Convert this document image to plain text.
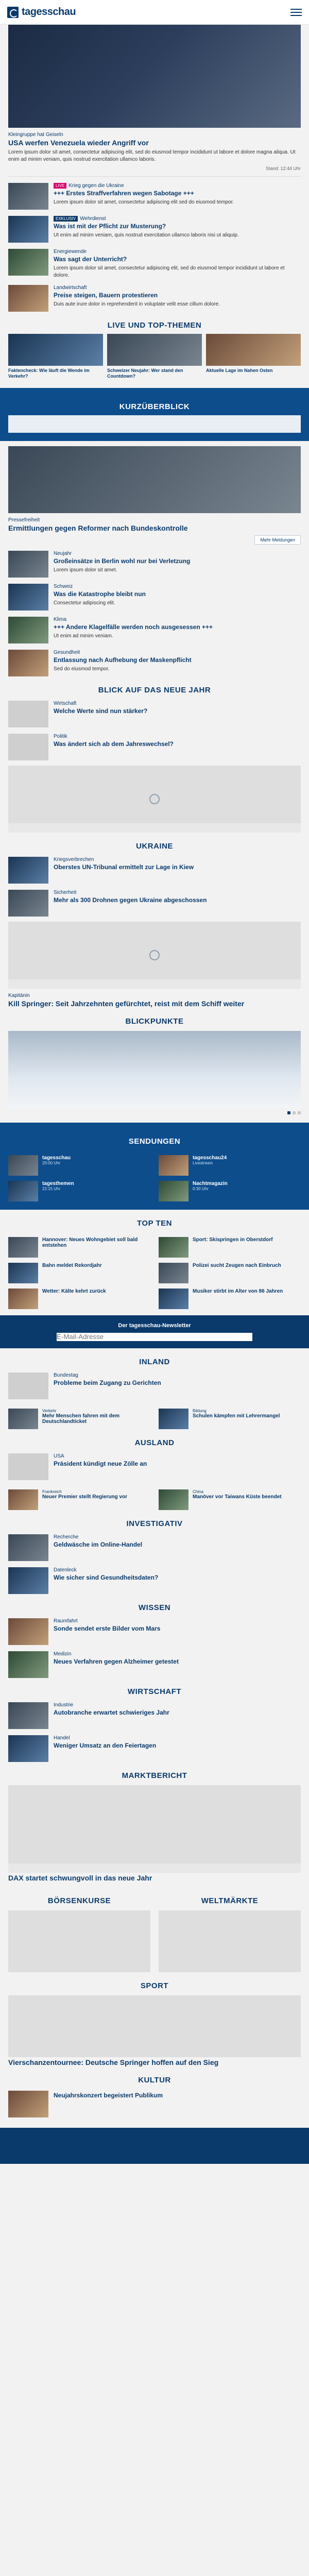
tagesschau
Kleingruppe hat Geiseln
USA werfen Venezuela wieder Angriff vor
Lorem ipsum dolor sit amet, consectetur adipiscing elit, sed do eiusmod tempor incididunt ut labore et dolore magna aliqua. Ut enim ad minim veniam, quis nostrud exercitation ullamco laboris.
Stand: 12:44 Uhr
LIVE Krieg gegen die Ukraine
+++ Erstes Straffverfahren wegen Sabotage +++
Lorem ipsum dolor sit amet, consectetur adipiscing elit sed do eiusmod tempor.
EXKLUSIV Wehrdienst
Was ist mit der Pflicht zur Musterung?
Ut enim ad minim veniam, quis nostrud exercitation ullamco laboris nisi ut aliquip.
Energiewende
Was sagt der Unterricht?
Lorem ipsum dolor sit amet, consectetur adipiscing elit, sed do eiusmod tempor incididunt ut labore et dolore.
Landwirtschaft
Preise steigen, Bauern protestieren
Duis aute irure dolor in reprehenderit in voluptate velit esse cillum dolore.
LIVE UND TOP-THEMEN
Faktencheck: Wie läuft die Wende im Verkehr?
Schweizer Neujahr: Wer stand den Countdown?
Aktuelle Lage im Nahen Osten
KURZÜBERBLICK
Pressefreiheit
Ermittlungen gegen Reformer nach Bundeskontrolle
Mehr Meldungen
Neujahr
Großeinsätze in Berlin wohl nur bei Verletzung
Lorem ipsum dolor sit amet.
Schweiz
Was die Katastrophe bleibt nun
Consectetur adipiscing elit.
Klima
+++ Andere Klagelfälle werden noch ausgesessen +++
Ut enim ad minim veniam.
Gesundheit
Entlassung nach Aufhebung der Maskenpflicht
Sed do eiusmod tempor.
BLICK AUF DAS NEUE JAHR
Wirtschaft
Welche Werte sind nun stärker?
Politik
Was ändert sich ab dem Jahreswechsel?
UKRAINE
Kriegsverbrechen
Oberstes UN-Tribunal ermittelt zur Lage in Kiew
Sicherheit
Mehr als 300 Drohnen gegen Ukraine abgeschossen
Kapitänin
Kill Springer: Seit Jahrzehnten gefürchtet, reist mit dem Schiff weiter
BLICKPUNKTE
SENDUNGEN
tagesschau
20:00 Uhr
tagesthemen
22:15 Uhr
tagesschau24
Livestream
Nachtmagazin
0:30 Uhr
TOP TEN
Hannover: Neues Wohngebiet soll bald entstehen
Bahn meldet Rekordjahr
Wetter: Kälte kehrt zurück
Sport: Skispringen in Oberstdorf
Polizei sucht Zeugen nach Einbruch
Musiker stirbt im Alter von 86 Jahren
Der tagesschau-Newsletter
E-Mail-Adresse
INLAND
Bundestag
Probleme beim Zugang zu Gerichten
Verkehr
Mehr Menschen fahren mit dem Deutschlandticket
Bildung
Schulen kämpfen mit Lehrermangel
AUSLAND
USA
Präsident kündigt neue Zölle an
Frankreich
Neuer Premier stellt Regierung vor
China
Manöver vor Taiwans Küste beendet
INVESTIGATIV
Recherche
Geldwäsche im Online-Handel
Datenleck
Wie sicher sind Gesundheitsdaten?
WISSEN
Raumfahrt
Sonde sendet erste Bilder vom Mars
Medizin
Neues Verfahren gegen Alzheimer getestet
WIRTSCHAFT
Industrie
Autobranche erwartet schwieriges Jahr
Handel
Weniger Umsatz an den Feiertagen
MARKTBERICHT
DAX startet schwungvoll in das neue Jahr
BÖRSENKURSE	WELTMÄRKTE
SPORT
Vierschanzentournee: Deutsche Springer hoffen auf den Sieg
KULTUR
Neujahrskonzert begeistert Publikum
